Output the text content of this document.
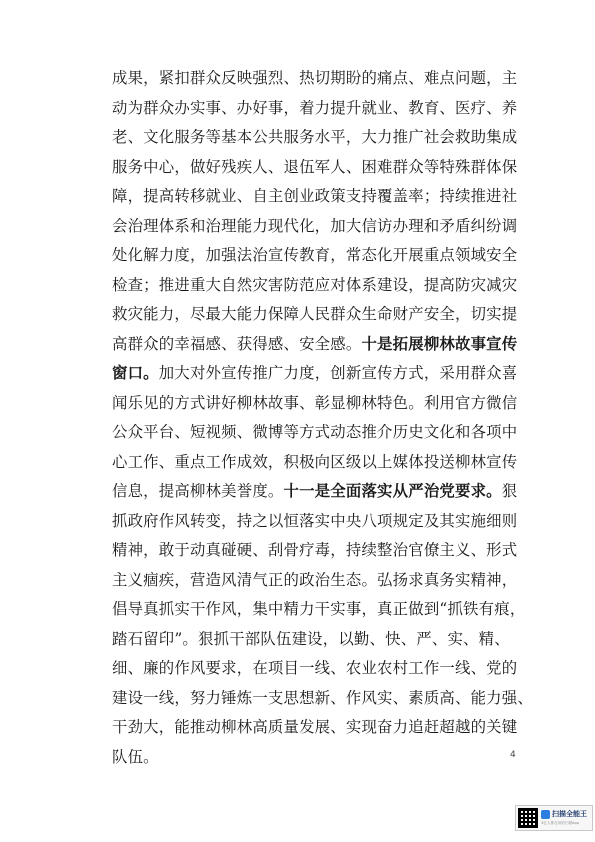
成果，紧扣群众反映强烈、热切期盼的痛点、难点问题，主
动为群众办实事、办好事，着力提升就业、教育、医疗、养
老、文化服务等基本公共服务水平，大力推广社会救助集成
服务中心，做好残疾人、退伍军人、困难群众等特殊群体保
障，提高转移就业、自主创业政策支持覆盖率；持续推进社
会治理体系和治理能力现代化，加大信访办理和矛盾纠纷调
处化解力度，加强法治宣传教育，常态化开展重点领域安全
检查；推进重大自然灾害防范应对体系建设，提高防灾减灾
救灾能力，尽最大能力保障人民群众生命财产安全，切实提
高群众的幸福感、获得感、安全感。十是拓展柳林故事宣传
窗口。加大对外宣传推广力度，创新宣传方式，采用群众喜
闻乐见的方式讲好柳林故事、彰显柳林特色。利用官方微信
公众平台、短视频、微博等方式动态推介历史文化和各项中
心工作、重点工作成效，积极向区级以上媒体投送柳林宣传
信息，提高柳林美誉度。十一是全面落实从严治党要求。狠
抓政府作风转变，持之以恒落实中央八项规定及其实施细则
精神，敢于动真碰硬、刮骨疗毒，持续整治官僚主义、形式
主义痼疾，营造风清气正的政治生态。弘扬求真务实精神，
倡导真抓实干作风，集中精力干实事，真正做到“抓铁有痕，
踏石留印”。狠抓干部队伍建设，以勤、快、严、实、精、
细、廉的作风要求，在项目一线、农业农村工作一线、党的
建设一线，努力锤炼一支思想新、作风实、素质高、能力强、
干劲大，能推动柳林高质量发展、实现奋力追赶超越的关键
队伍。	4
扫描全能王
3亿人都在用的扫描App
